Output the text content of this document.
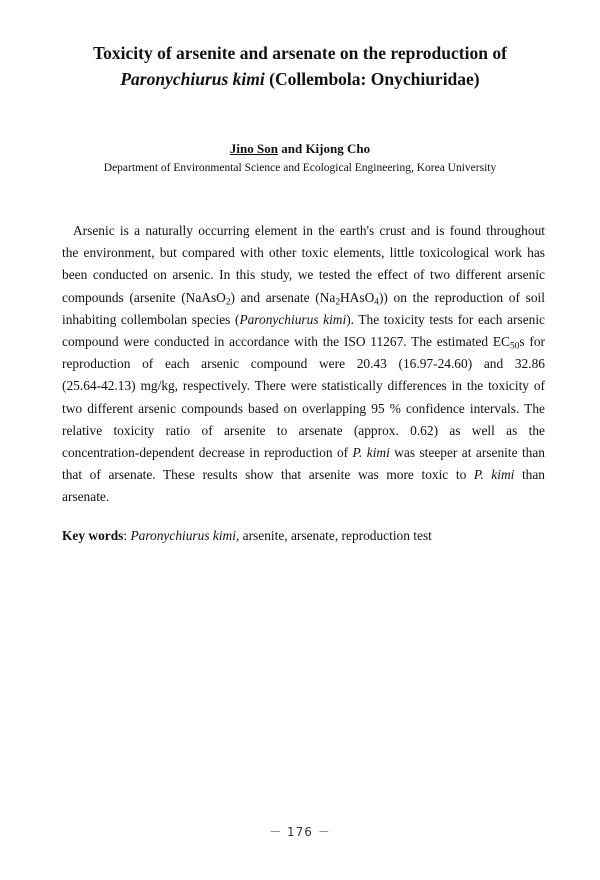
Toxicity of arsenite and arsenate on the reproduction of
Paronychiurus kimi (Collembola: Onychiuridae)
Jino Son and Kijong Cho
Department of Environmental Science and Ecological Engineering, Korea University
Arsenic is a naturally occurring element in the earth's crust and is found throughout
the environment, but compared with other toxic elements, little toxicological work has
been conducted on arsenic. In this study, we tested the effect of two different arsenic
compounds (arsenite (NaAsO$_2$) and arsenate $(Na_2HAsO_4)$) on the reproduction of soil
inhabiting collembolan species (Paronychiurus kimi). The toxicity tests for each arsenic
compound were conducted in accordance with the ISO 11267. The estimated $EC_{50}s$ for
reproduction of each arsenic compound were 20.43 (16.97-24.60) and 32.86
(25.64-42.13) mg/kg, respectively. There were statistically differences in the toxicity of
two different arsenic compounds based on overlapping 95 % confidence intervals. The
relative toxicity ratio of arsenite to arsenate (approx. 0.62) as well as the
concentration-dependent decrease in reproduction of P. kimi was steeper at arsenite than
that of arsenate. These results show that arsenite was more toxic to P. kimi than
arsenate.
Key words: Paronychiurus kimi, arsenite, arsenate, reproduction test
－ 176 －
